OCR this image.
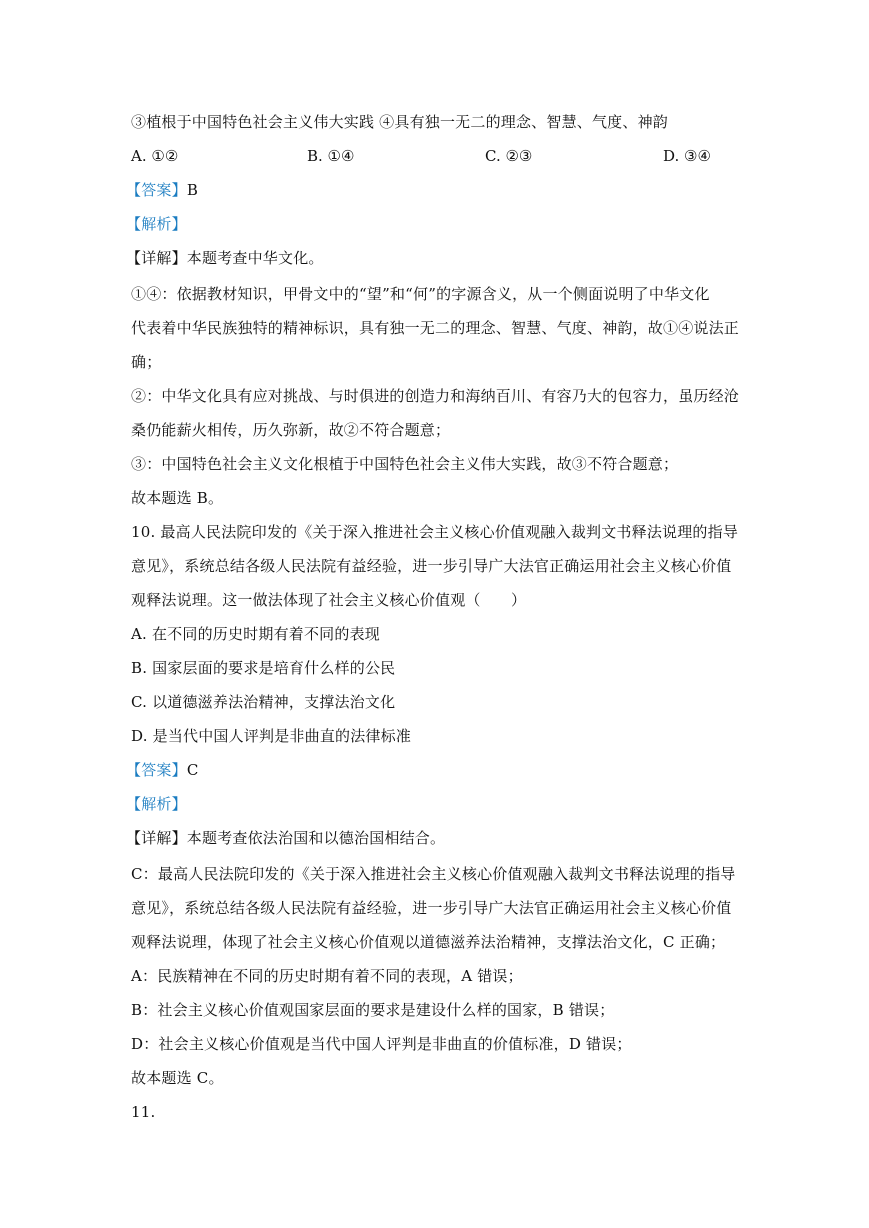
③植根于中国特色社会主义伟大实践 ④具有独一无二的理念、智慧、气度、神韵
A. ①②	B. ①④	C. ②③	D. ③④
【答案】B
【解析】
【详解】本题考查中华文化。
①④：依据教材知识，甲骨文中的“望”和“何”的字源含义，从一个侧面说明了中华文化
代表着中华民族独特的精神标识，具有独一无二的理念、智慧、气度、神韵，故①④说法正
确；
②：中华文化具有应对挑战、与时俱进的创造力和海纳百川、有容乃大的包容力，虽历经沧
桑仍能薪火相传，历久弥新，故②不符合题意；
③：中国特色社会主义文化根植于中国特色社会主义伟大实践，故③不符合题意；
故本题选 B。
10. 最高人民法院印发的《关于深入推进社会主义核心价值观融入裁判文书释法说理的指导
意见》，系统总结各级人民法院有益经验，进一步引导广大法官正确运用社会主义核心价值
观释法说理。这一做法体现了社会主义核心价值观（　　）
A. 在不同的历史时期有着不同的表现
B. 国家层面的要求是培育什么样的公民
C. 以道德滋养法治精神，支撑法治文化
D. 是当代中国人评判是非曲直的法律标准
【答案】C
【解析】
【详解】本题考查依法治国和以德治国相结合。
C：最高人民法院印发的《关于深入推进社会主义核心价值观融入裁判文书释法说理的指导
意见》，系统总结各级人民法院有益经验，进一步引导广大法官正确运用社会主义核心价值
观释法说理，体现了社会主义核心价值观以道德滋养法治精神，支撑法治文化，C 正确；
A：民族精神在不同的历史时期有着不同的表现，A 错误；
B：社会主义核心价值观国家层面的要求是建设什么样的国家，B 错误；
D：社会主义核心价值观是当代中国人评判是非曲直的价值标准，D 错误；
故本题选 C。
11.
